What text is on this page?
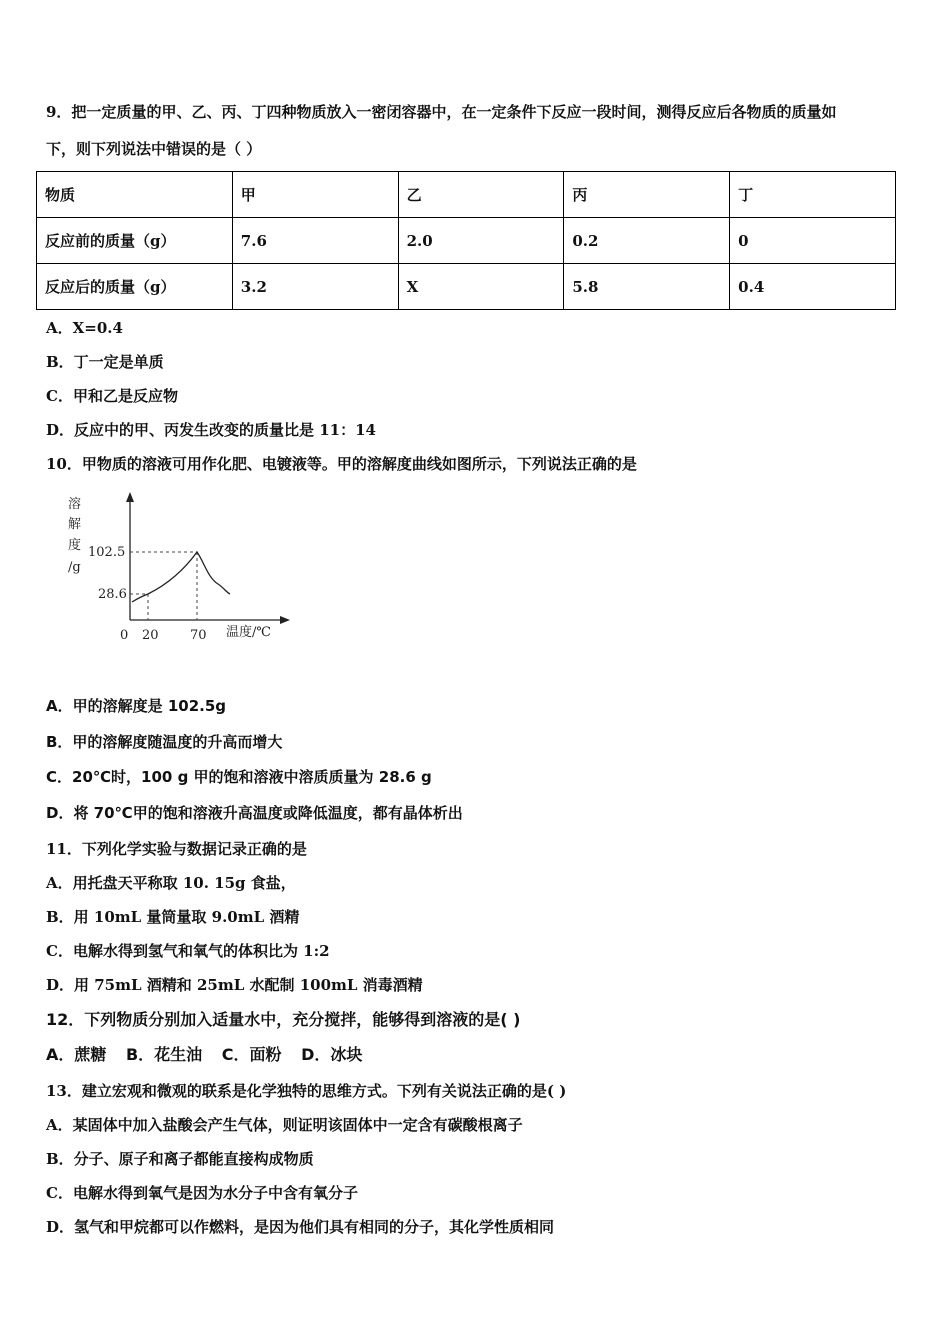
9．把一定质量的甲、乙、丙、丁四种物质放入一密闭容器中，在一定条件下反应一段时间，测得反应后各物质的质量如
下，则下列说法中错误的是（ ）
物质	甲	乙	丙	丁
反应前的质量（g）	7.6	2.0	0.2	0
反应后的质量（g）	3.2	X	5.8	0.4
A．X=0.4
B．丁一定是单质
C．甲和乙是反应物
D．反应中的甲、丙发生改变的质量比是 11：14
10．甲物质的溶液可用作化肥、电镀液等。甲的溶解度曲线如图所示，下列说法正确的是
溶
解
度
/g
102.5
28.6
0 20 70 温度/℃
A．甲的溶解度是 102.5g
B．甲的溶解度随温度的升高而增大
C．20℃时，100 g 甲的饱和溶液中溶质质量为 28.6 g
D．将 70℃甲的饱和溶液升高温度或降低温度，都有晶体析出
11．下列化学实验与数据记录正确的是
A．用托盘天平称取 10. 15g 食盐，
B．用 10mL 量筒量取 9.0mL 酒精
C．电解水得到氢气和氧气的体积比为 1:2
D．用 75mL 酒精和 25mL 水配制 100mL 消毒酒精
12．下列物质分别加入适量水中，充分搅拌，能够得到溶液的是( )
A．蔗糖 B．花生油 C．面粉 D．冰块
13．建立宏观和微观的联系是化学独特的思维方式。下列有关说法正确的是( )
A．某固体中加入盐酸会产生气体，则证明该固体中一定含有碳酸根离子
B．分子、原子和离子都能直接构成物质
C．电解水得到氧气是因为水分子中含有氧分子
D．氢气和甲烷都可以作燃料，是因为他们具有相同的分子，其化学性质相同
